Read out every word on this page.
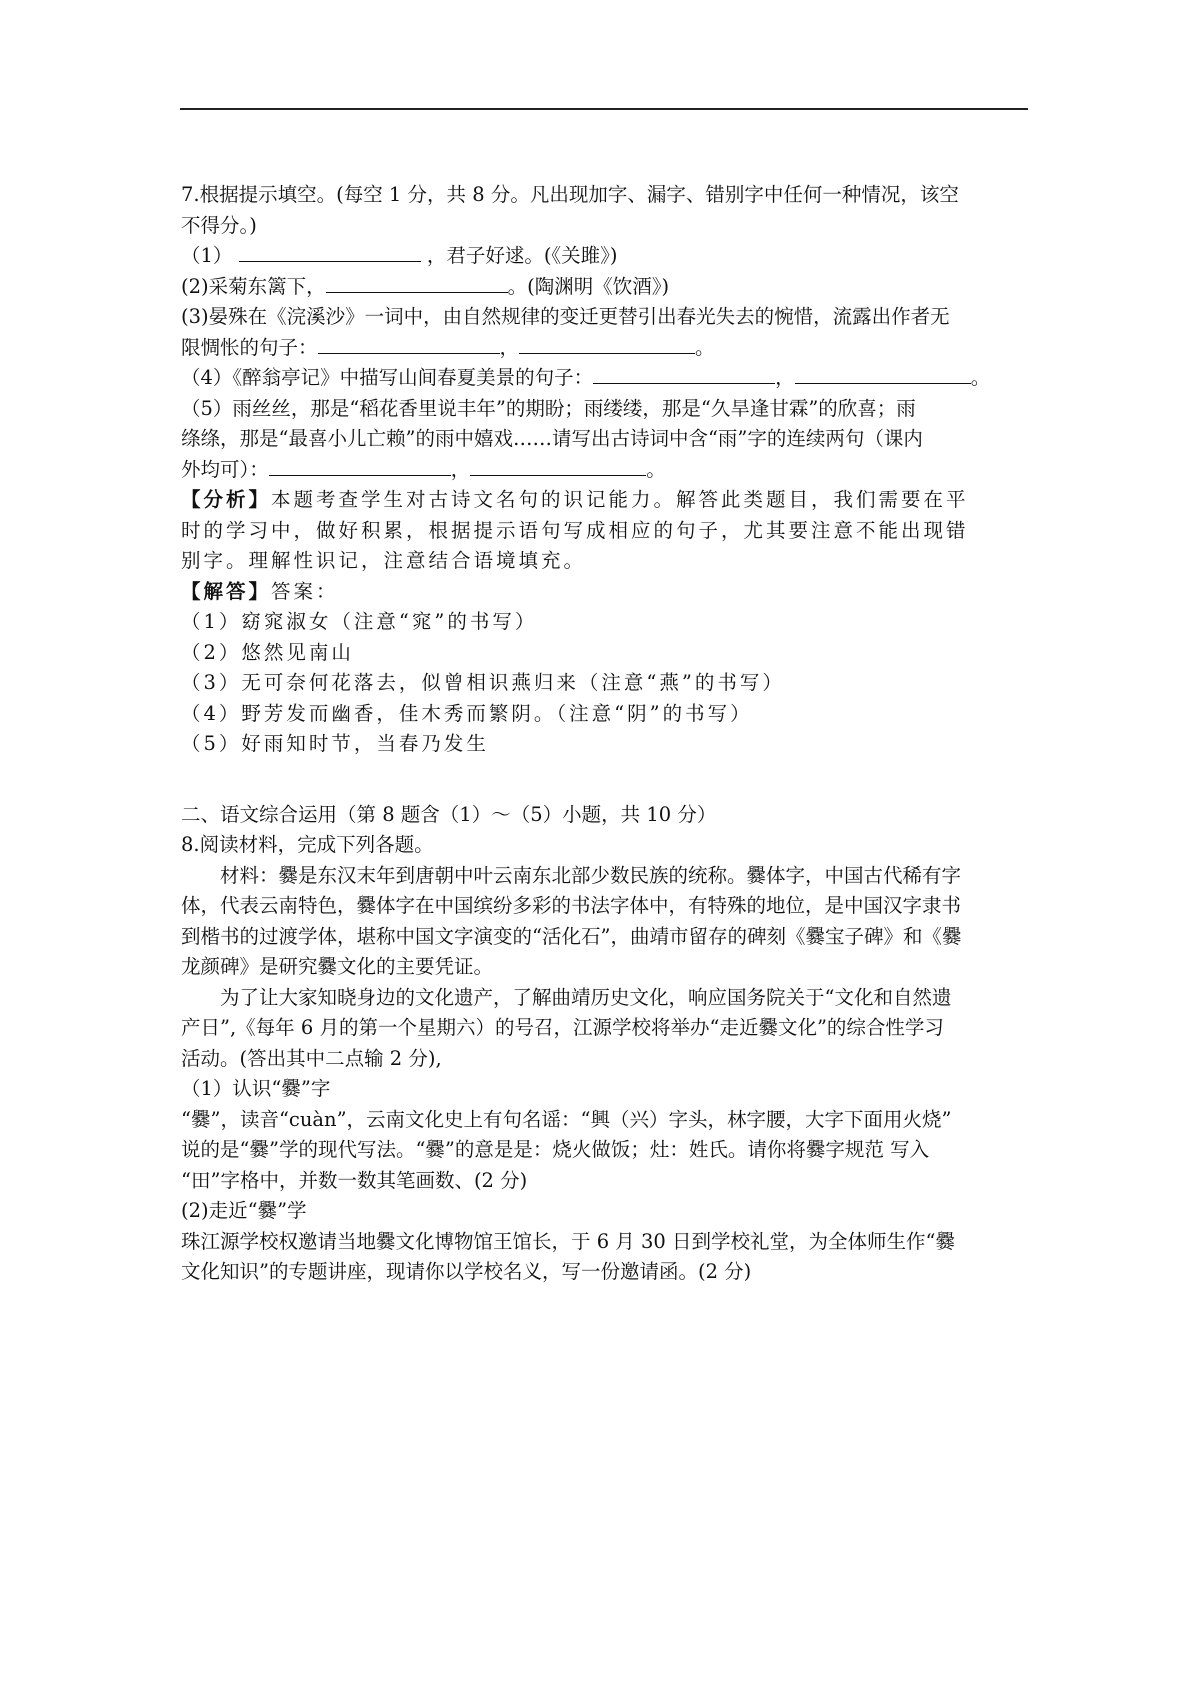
7.根据提示填空。(每空 1 分，共 8 分。凡出现加字、漏字、错别字中任何一种情况，该空

不得分。)

（1）	，君子好逑。(《关雎》)

(2)采菊东篱下，	。(陶渊明《饮酒》)

(3)晏殊在《浣溪沙》一词中，由自然规律的变迁更替引出春光失去的惋惜，流露出作者无

限惆怅的句子：	，	。

（4）《醉翁亭记》中描写山间春夏美景的句子：	，	。

（5）雨丝丝，那是“稻花香里说丰年”的期盼；雨缕缕，那是“久旱逢甘霖”的欣喜；雨

绦绦，那是“最喜小儿亡赖”的雨中嬉戏……请写出古诗词中含“雨”字的连续两句（课内

外均可）：	，	。

【分析】本题考查学生对古诗文名句的识记能力。解答此类题目，我们需要在平

时的学习中，做好积累，根据提示语句写成相应的句子，尤其要注意不能出现错

别字。理解性识记，注意结合语境填充。

【解答】答案：

（1）窈窕淑女（注意“窕”的书写）

（2）悠然见南山

（3）无可奈何花落去，似曾相识燕归来（注意“燕”的书写）

（4）野芳发而幽香，佳木秀而繁阴。（注意“阴”的书写）

（5）好雨知时节，当春乃发生

二、语文综合运用（第 8 题含（1）～（5）小题，共 10 分）

8.阅读材料，完成下列各题。

材料：爨是东汉末年到唐朝中叶云南东北部少数民族的统称。爨体字，中国古代稀有字

体，代表云南特色，爨体字在中国缤纷多彩的书法字体中，有特殊的地位，是中国汉字隶书

到楷书的过渡学体，堪称中国文字演变的“活化石”，曲靖市留存的碑刻《爨宝子碑》和《爨

龙颜碑》是研究爨文化的主要凭证。

为了让大家知晓身边的文化遗产，了解曲靖历史文化，响应国务院关于“文化和自然遗

产日”,《每年 6 月的第一个星期六）的号召，江源学校将举办“走近爨文化”的综合性学习

活动。(答出其中二点输 2 分),

（1）认识“爨”字

“爨”，读音“cuàn”，云南文化史上有句名谣：“興（兴）字头，林字腰，大字下面用火烧”

说的是“爨”学的现代写法。“爨”的意是是：烧火做饭；灶：姓氏。请你将爨字规范 写入

“田”字格中，并数一数其笔画数、(2 分)

(2)走近“爨”学

珠江源学校权邀请当地爨文化博物馆王馆长，于 6 月 30 日到学校礼堂，为全体师生作“爨

文化知识”的专题讲座，现请你以学校名义，写一份邀请函。(2 分)
